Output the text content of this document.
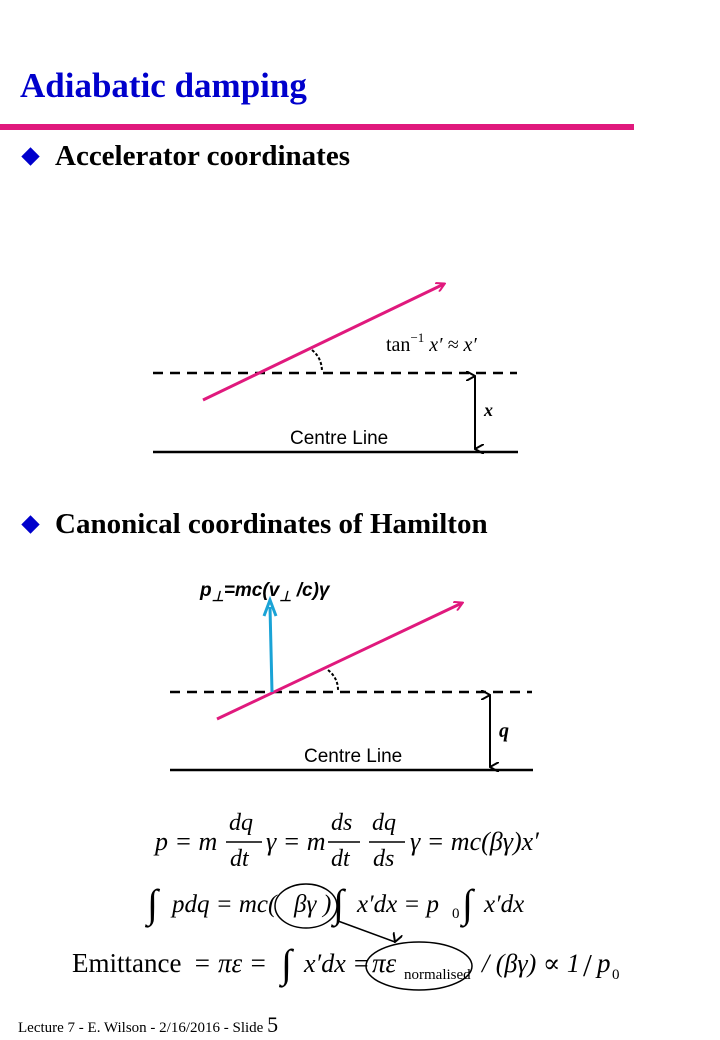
Adiabatic damping
Accelerator coordinates
Canonical coordinates of Hamilton
$\tan^{-1} x' \approx x'$
x
Centre Line
$p_\perp=mc(v_\perp$ /c)γ
q
Centre Line
p = m
dq
dt
γ = m
ds
dt
dq
ds
γ = mc(βγ)x′
∫ pdq = mc( βγ ) ∫ x′dx = p 0 ∫ x′dx
Emittance = πε = ∫ x′dx = πε normalised / (βγ) ∝ 1 / p 0
Lecture 7 - E. Wilson - 2/16/2016 - Slide 5
